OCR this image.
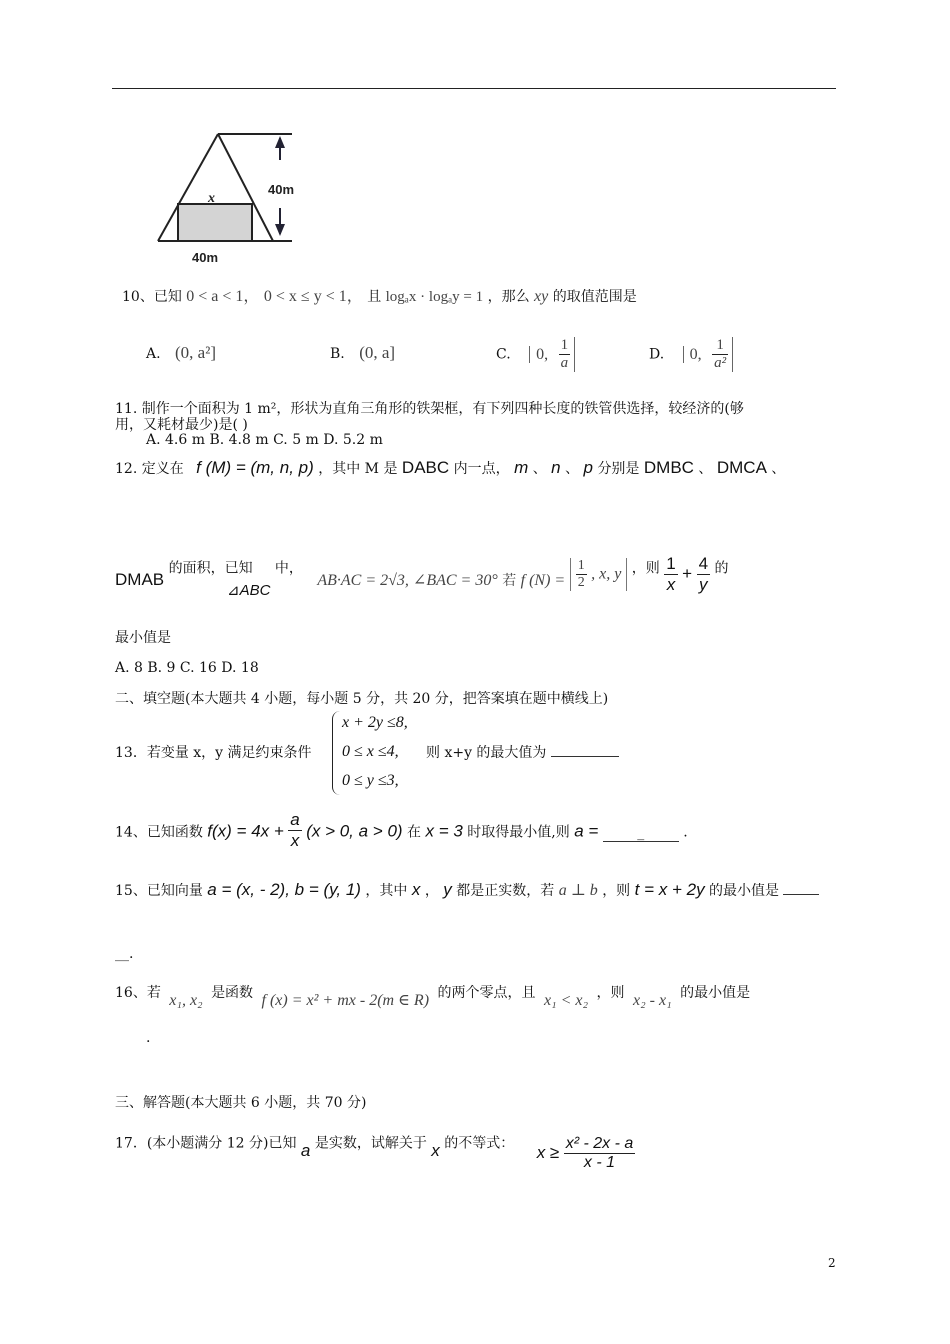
40m
x
40m
10、已知 0 < a < 1， 0 < x ≤ y < 1， 且 logₐx · logₐy = 1 ，那么 xy 的取值范围是
A. (0, a²]	B. (0, a]	C. 0, $\frac{1}{a}$	D. 0, $\frac{1}{\text{a²}}$
11. 制作一个面积为 1 m²，形状为直角三角形的铁架框，有下列四种长度的铁管供选择，较经济的(够
用，又耗材最少)是( )
A. 4.6 m B. 4.8 m C. 5 m D. 5.2 m
12. 定义在 f (M) = (m, n, p) ，其中 M 是 DABC 内一点， m 、 n 、 p 分别是 DMBC 、 DMCA 、
DMAB 的面积，已知 ⊿ABC 中， AB·AC = 2√3, ∠BAC = 30° 若 f $(N) = \frac{1}{2}$ , x, y ，则 $\frac{1}{x} + \frac{4}{y}$ 的
最小值是
A. 8 B. 9 C. 16 D. 18
二、填空题(本大题共 4 小题，每小题 5 分，共 20 分，把答案填在题中横线上)
13．若变量 x，y 满足约束条件
x + 2y ≤8,
0 ≤ x ≤4,
0 ≤ y ≤3,
则 x+y 的最大值为
14、已知函数 $f(x) = 4x + \frac{a}{x} (x > 0$, a > 0) 在 x = 3 时取得最小值,则 a =	_	.
15、已知向量 a = (x, - 2), b = (y, 1) ，其中 x ， y 都是正实数，若 a ⊥ b ，则 t = x + 2y 的最小值是
__.
16、若 x₁, x₂ 是函数 f (x) = x² + mx - 2(m ∈ R) 的两个零点，且 x₁ < x₂ ，则 x₂ - x₁ 的最小值是
.
三、解答题(本大题共 6 小题，共 70 分)
17．(本小题满分 12 分)已知 a 是实数，试解关于 x 的不等式： $x \ge \frac{\text{x² - 2x - a}}{x - 1}$
2
